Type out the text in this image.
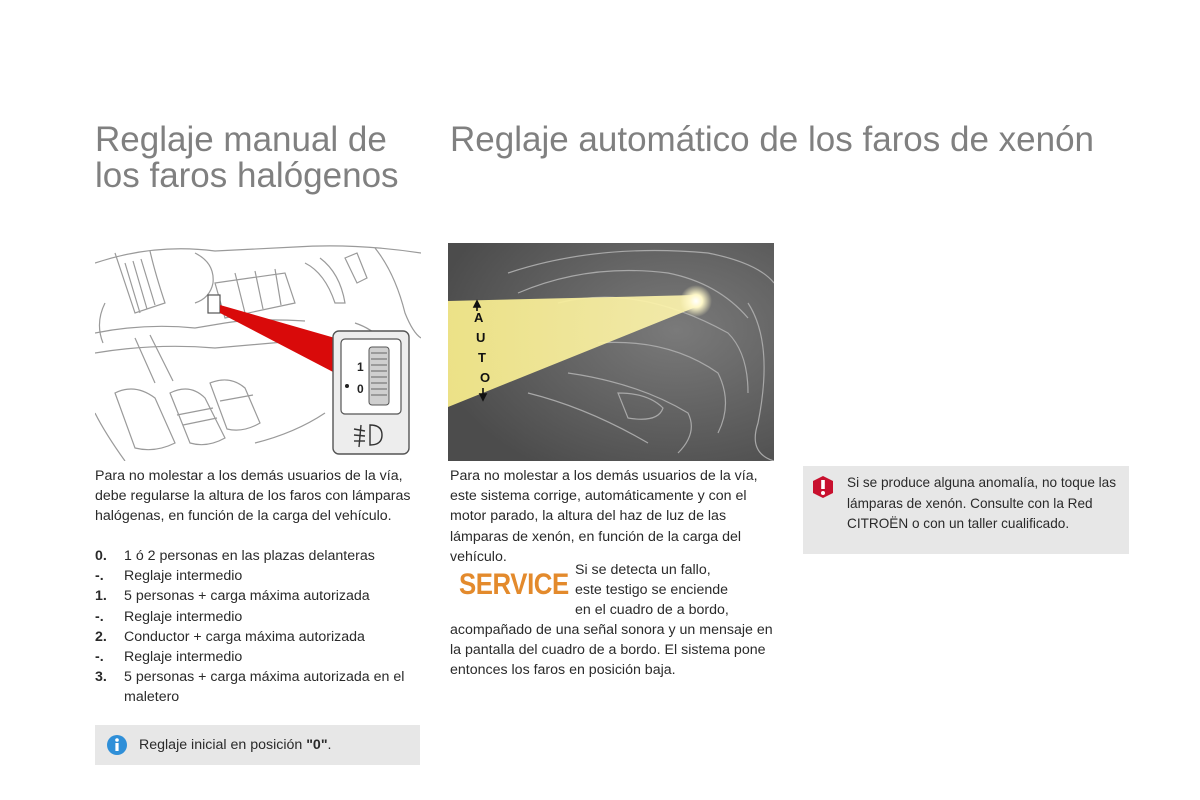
Reglaje manual de
los faros halógenos
Reglaje automático de los faros de xenón
1
0
A
U
T
O
Para no molestar a los demás usuarios de la vía, debe regularse la altura de los faros con lámparas halógenas, en función de la carga del vehículo.
0.	1 ó 2 personas en las plazas delanteras
-.	Reglaje intermedio
1.	5 personas + carga máxima autorizada
-.	Reglaje intermedio
2.	Conductor + carga máxima autorizada
-.	Reglaje intermedio
3.	5 personas + carga máxima autorizada en el maletero
Reglaje inicial en posición "0".
Para no molestar a los demás usuarios de la vía, este sistema corrige, automáticamente y con el motor parado, la altura del haz de luz de las lámparas de xenón, en función de la carga del vehículo.
SERVICE Si se detecta un fallo,
este testigo se enciende
en el cuadro de a bordo,
acompañado de una señal sonora y un mensaje en la pantalla del cuadro de a bordo. El sistema pone entonces los faros en posición baja.
Si se produce alguna anomalía, no toque las lámparas de xenón. Consulte con la Red CITROËN o con un taller cualificado.
